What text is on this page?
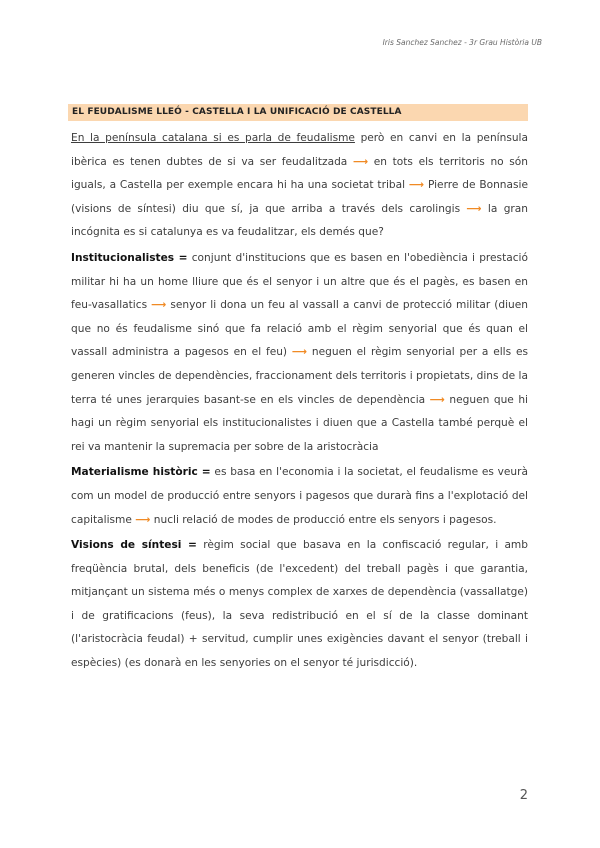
Iris Sanchez Sanchez - 3r Grau Història UB
EL FEUDALISME LLEÓ - CASTELLA I LA UNIFICACIÓ DE CASTELLA

En la península catalana si es parla de feudalisme però en canvi en la península ibèrica es tenen dubtes de si va ser feudalitzada ⟶ en tots els territoris no són iguals, a Castella per exemple encara hi ha una societat tribal ⟶ Pierre de Bonnasie (visions de síntesi) diu que sí, ja que arriba a través dels carolingis ⟶ la gran incógnita es si catalunya es va feudalitzar, els demés que?

Institucionalistes = conjunt d'institucions que es basen en l'obediència i prestació militar hi ha un home lliure que és el senyor i un altre que és el pagès, es basen en feu-vasallatics ⟶ senyor li dona un feu al vassall a canvi de protecció militar (diuen que no és feudalisme sinó que fa relació amb el règim senyorial que és quan el vassall administra a pagesos en el feu) ⟶ neguen el règim senyorial per a ells es generen vincles de dependències, fraccionament dels territoris i propietats, dins de la terra té unes jerarquies basant-se en els vincles de dependència ⟶ neguen que hi hagi un règim senyorial els institucionalistes i diuen que a Castella també perquè el rei va mantenir la supremacia per sobre de la aristocràcia

Materialisme històric = es basa en l'economia i la societat, el feudalisme es veurà com un model de producció entre senyors i pagesos que durarà fins a l'explotació del capitalisme ⟶ nucli relació de modes de producció entre els senyors i pagesos.

Visions de síntesi = règim social que basava en la confiscació regular, i amb freqüència brutal, dels beneficis (de l'excedent) del treball pagès i que garantia, mitjançant un sistema més o menys complex de xarxes de dependència (vassallatge) i de gratificacions (feus), la seva redistribució en el sí de la classe dominant (l'aristocràcia feudal) + servitud, cumplir unes exigències davant el senyor (treball i espècies) (es donarà en les senyories on el senyor té jurisdicció).

2
